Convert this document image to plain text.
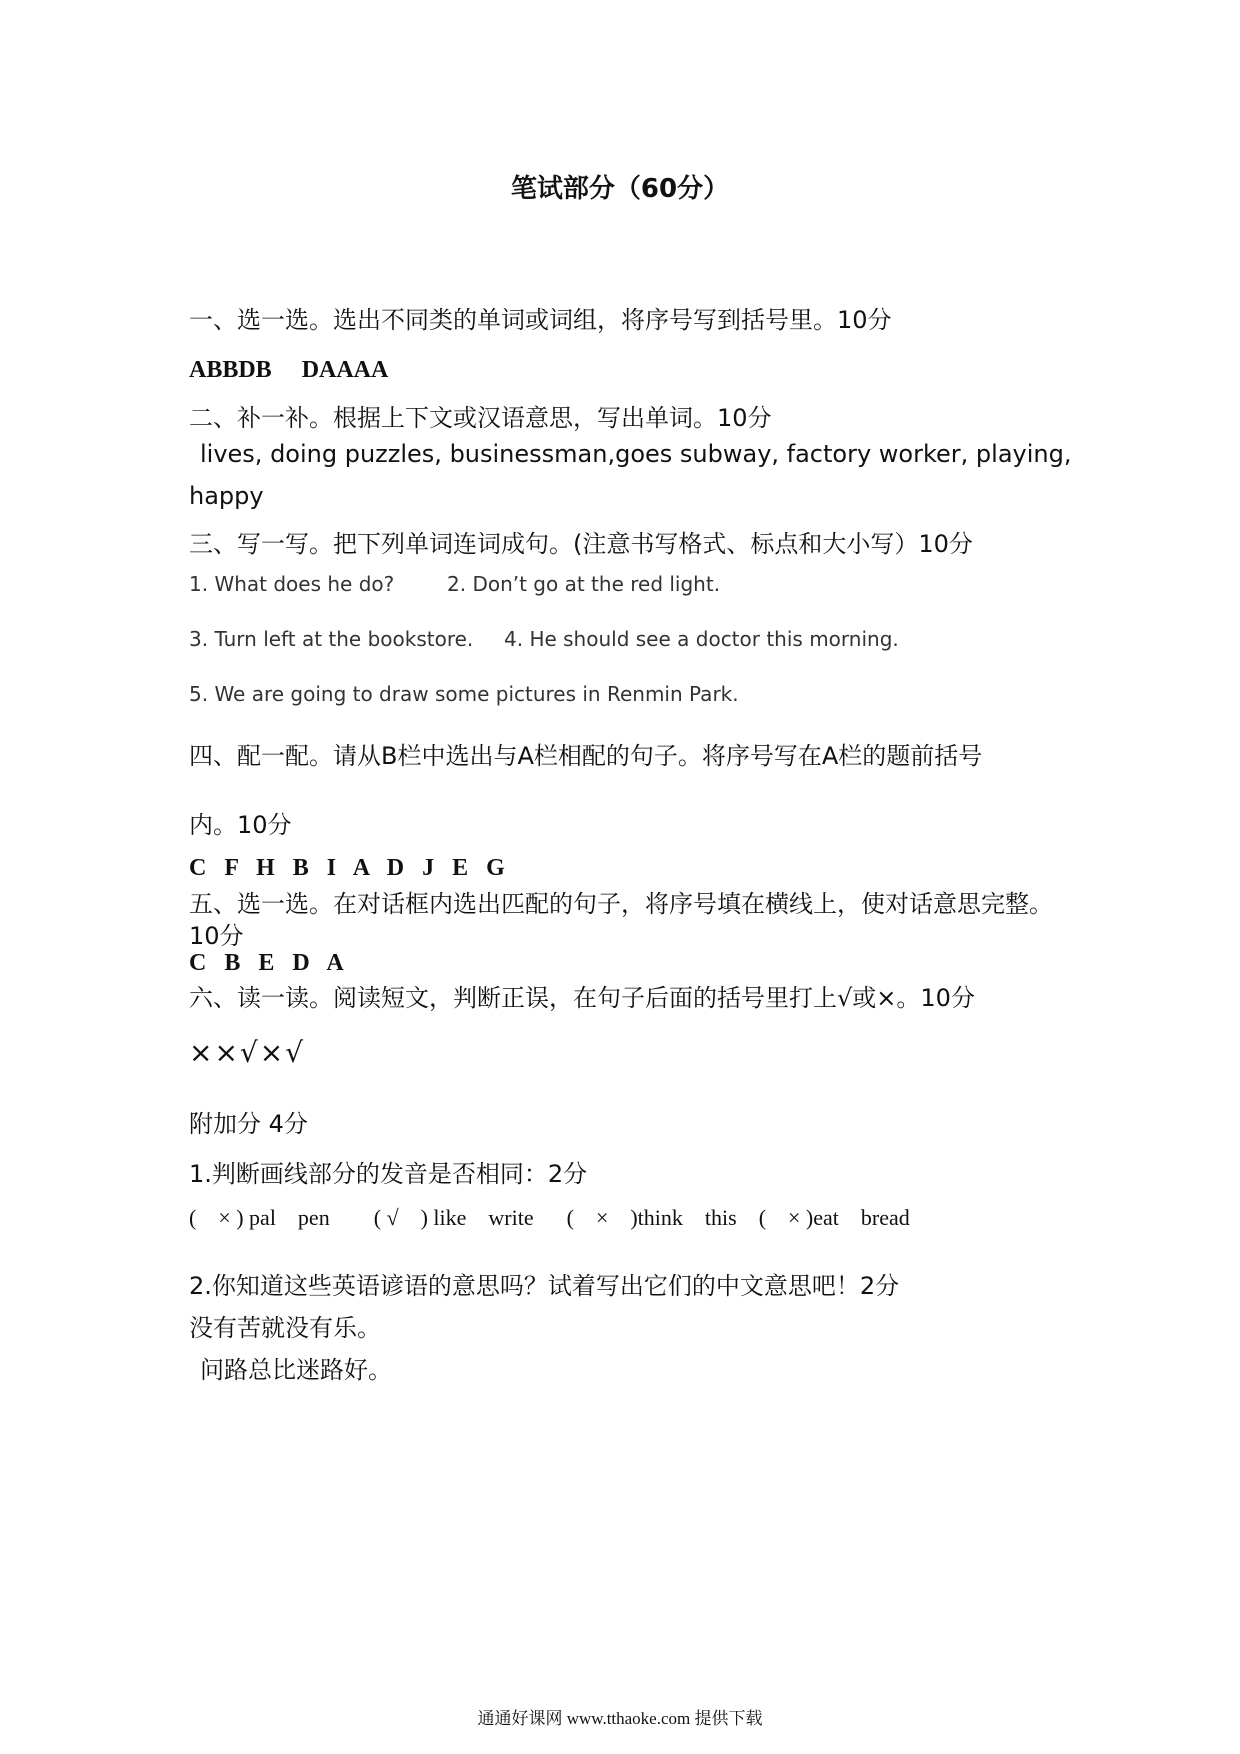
笔试部分（60分）
一、选一选。选出不同类的单词或词组，将序号写到括号里。10分
ABBDB     DAAAA
二、补一补。根据上下文或汉语意思，写出单词。10分
lives, doing puzzles, businessman,goes subway, factory worker, playing,
happy
三、写一写。把下列单词连词成句。(注意书写格式、标点和大小写）10分
1. What does he do?	2. Don’t go at the red light.
3. Turn left at the bookstore. 4. He should see a doctor this morning.
5. We are going to draw some pictures in Renmin Park.
四、配一配。请从B栏中选出与A栏相配的句子。将序号写在A栏的题前括号
内。10分
C   F   H   B   I   A   D   J   E   G
五、选一选。在对话框内选出匹配的句子，将序号填在横线上，使对话意思完整。
10分
C   B   E   D   A
六、读一读。阅读短文，判断正误，在句子后面的括号里打上√或×。10分
××√×√
附加分 4分
1.判断画线部分的发音是否相同：2分
(    × ) pal    pen        ( √    ) like    write      (    ×    )think    this    (    × )eat    bread
2.你知道这些英语谚语的意思吗？试着写出它们的中文意思吧！2分
没有苦就没有乐。
问路总比迷路好。
通通好课网 www.tthaoke.com 提供下载
